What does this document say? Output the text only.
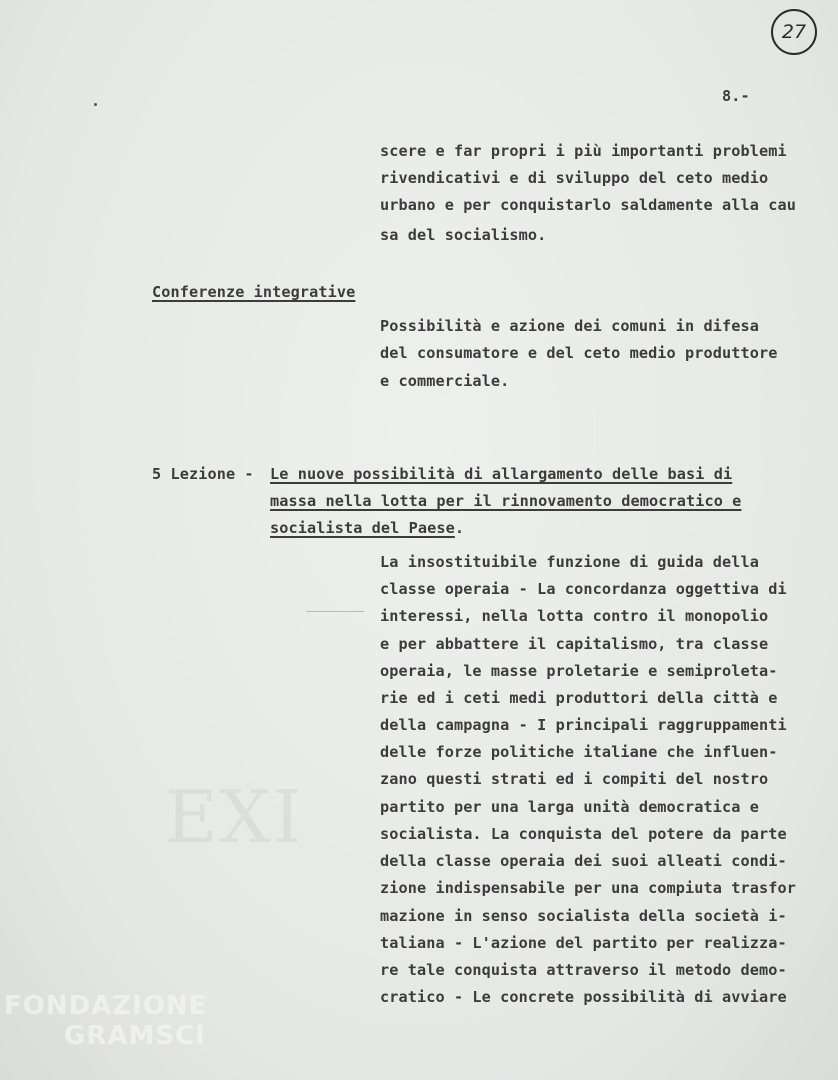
27
8.-
scere e far propri i più importanti problemi
rivendicativi e di sviluppo del ceto medio
urbano e per conquistarlo saldamente alla cau
sa del socialismo.
Conferenze integrative
Possibilità e azione dei comuni in difesa
del consumatore e del ceto medio produttore
e commerciale.
5 Lezione - Le nuove possibilità di allargamento delle basi di
massa nella lotta per il rinnovamento democratico e
socialista del Paese.
E⁣X⁣I
La insostituibile funzione di guida della
classe operaia - La concordanza oggettiva di
interessi, nella lotta contro il monopolio
e per abbattere il capitalismo, tra classe
operaia, le masse proletarie e semiproleta-
rie ed i ceti medi produttori della città e
della campagna - I principali raggruppamenti
delle forze politiche italiane che influen-
zano questi strati ed i compiti del nostro
partito per una larga unità democratica e
socialista. La conquista del potere da parte
della classe operaia dei suoi alleati condi-
zione indispensabile per una compiuta trasfor
mazione in senso socialista della società i-
taliana - L'azione del partito per realizza-
re tale conquista attraverso il metodo demo-
cratico - Le concrete possibilità di avviare
FONDAZIONE
GRAMSCI
